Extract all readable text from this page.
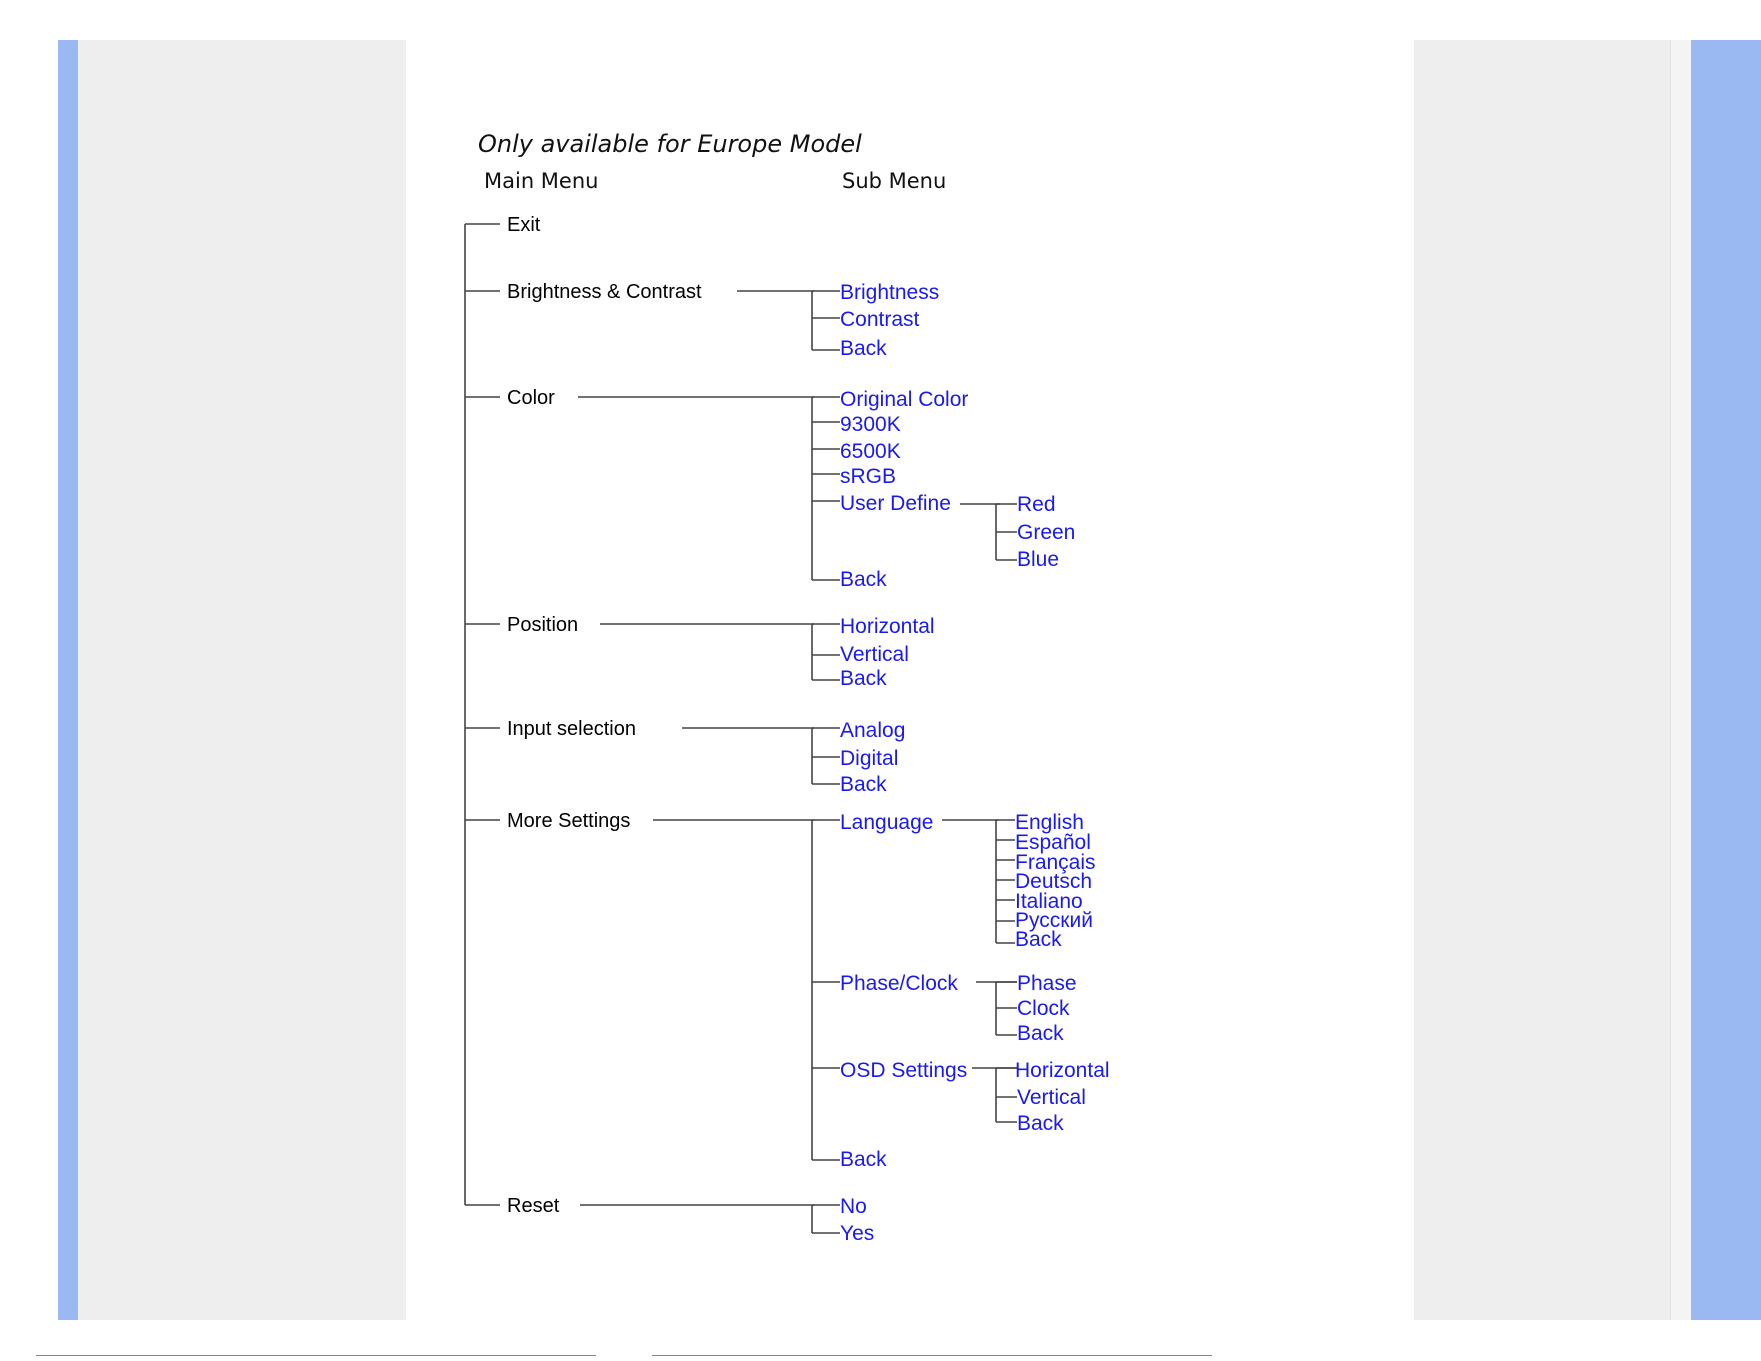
Only available for Europe Model
Main Menu	Sub Menu
Exit
Brightness & Contrast
Color
Position
Input selection
More Settings
Reset
Brightness
Contrast
Back
Original Color
9300K
6500K
sRGB
User Define
Back
Red
Green
Blue
Horizontal
Vertical
Back
Analog
Digital
Back
Language
Phase/Clock
OSD Settings
Back
English
Español
Français
Deutsch
Italiano
Русский
Back
Phase
Clock
Back
Horizontal
Vertical
Back
No
Yes
